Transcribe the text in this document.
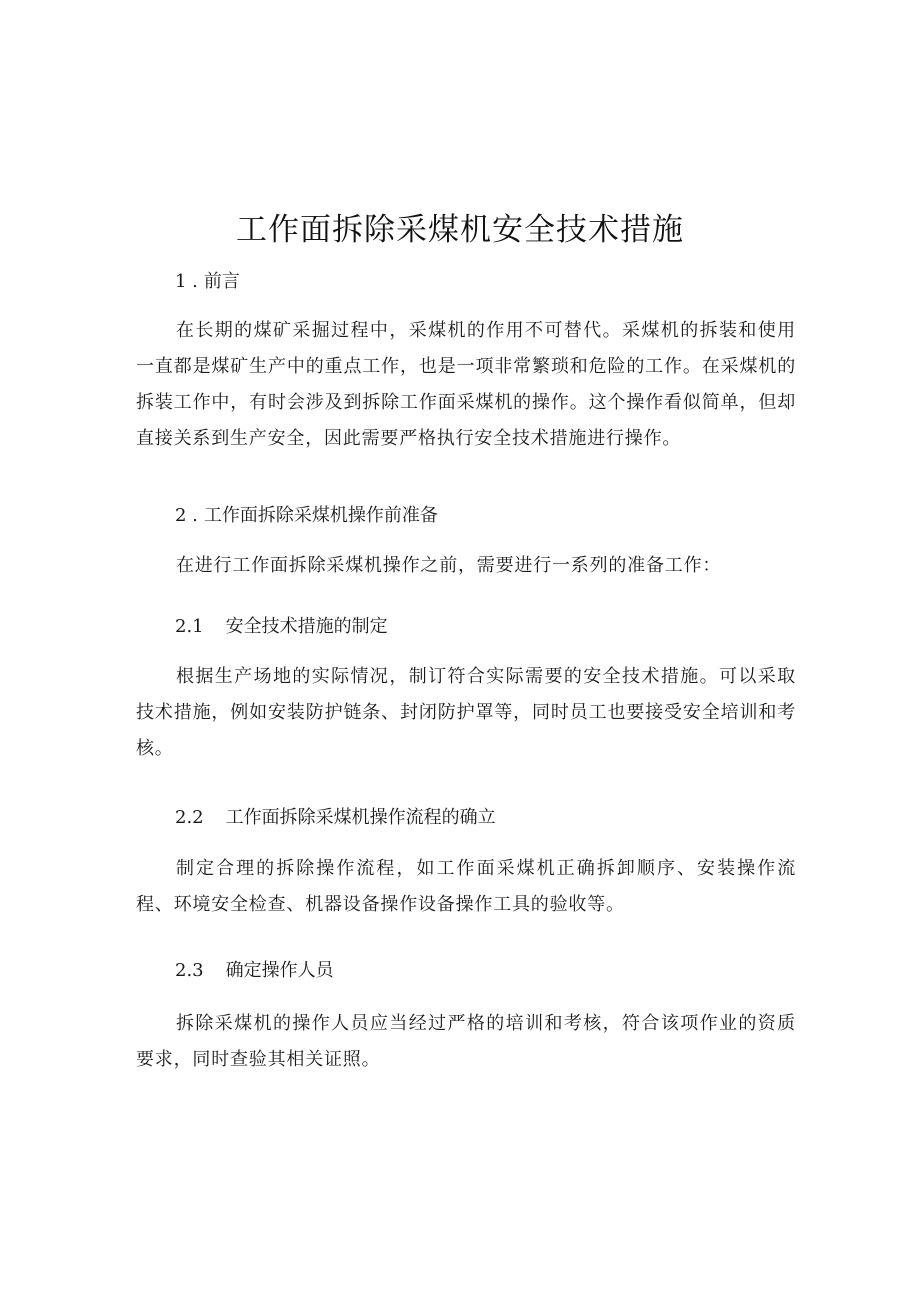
工作面拆除采煤机安全技术措施
1 . 前言

在长期的煤矿采掘过程中，采煤机的作用不可替代。采煤机的拆装和使用一直都是煤矿生产中的重点工作，也是一项非常繁琐和危险的工作。在采煤机的拆装工作中，有时会涉及到拆除工作面采煤机的操作。这个操作看似简单，但却直接关系到生产安全，因此需要严格执行安全技术措施进行操作。

2 . 工作面拆除采煤机操作前准备

在进行工作面拆除采煤机操作之前，需要进行一系列的准备工作：

2.1 安全技术措施的制定

根据生产场地的实际情况，制订符合实际需要的安全技术措施。可以采取技术措施，例如安装防护链条、封闭防护罩等，同时员工也要接受安全培训和考核。

2.2 工作面拆除采煤机操作流程的确立

制定合理的拆除操作流程，如工作面采煤机正确拆卸顺序、安装操作流程、环境安全检查、机器设备操作设备操作工具的验收等。

2.3 确定操作人员

拆除采煤机的操作人员应当经过严格的培训和考核，符合该项作业的资质要求，同时查验其相关证照。
